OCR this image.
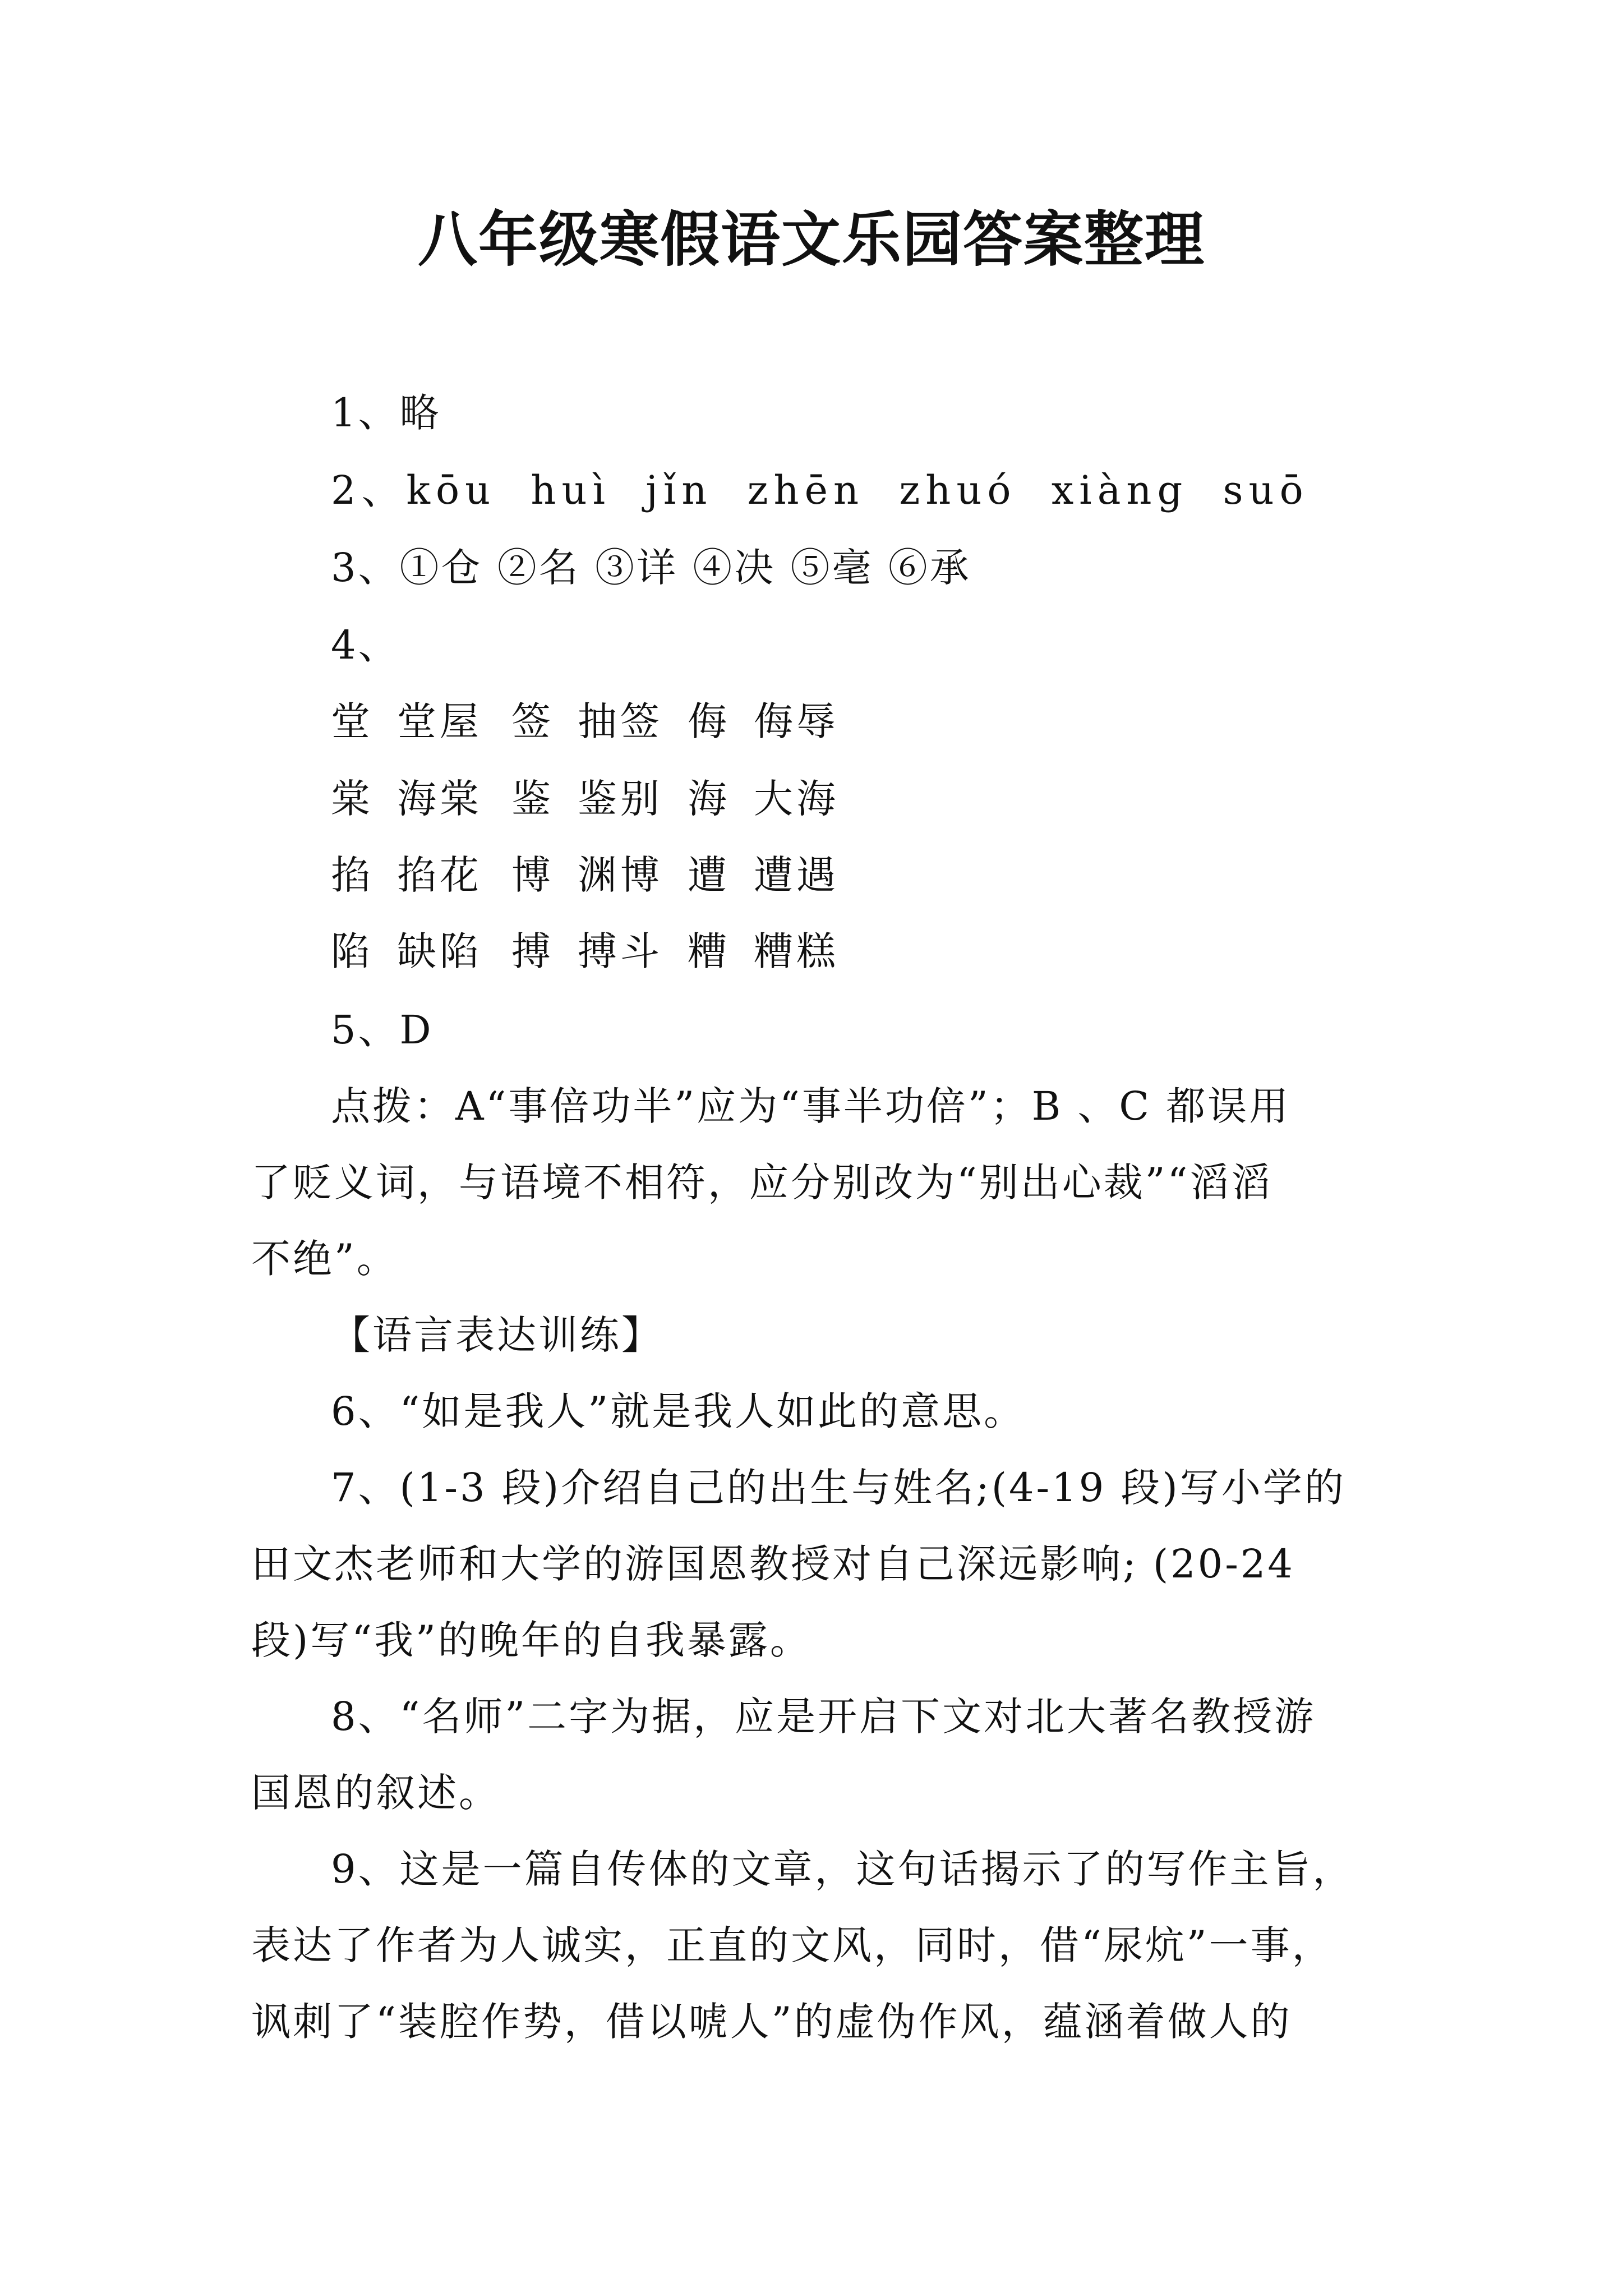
八年级寒假语文乐园答案整理
1、略
2、kōu huì jǐn zhēn zhuó xiàng suō
3、①仓 ②名 ③详 ④决 ⑤毫 ⑥承
4、
堂 堂屋 签 抽签 侮 侮辱
棠 海棠 鉴 鉴别 海 大海
掐 掐花 博 渊博 遭 遭遇
陷 缺陷 搏 搏斗 糟 糟糕
5、D
点拨：A“事倍功半”应为“事半功倍”；B 、C 都误用
了贬义词，与语境不相符，应分别改为“别出心裁”“滔滔
不绝”。
【语言表达训练】
6、“如是我人”就是我人如此的意思。
7、(1-3 段)介绍自己的出生与姓名;(4-19 段)写小学的
田文杰老师和大学的游国恩教授对自己深远影响; (20-24
段)写“我”的晚年的自我暴露。
8、“名师”二字为据，应是开启下文对北大著名教授游
国恩的叙述。
9、这是一篇自传体的文章，这句话揭示了的写作主旨，
表达了作者为人诚实，正直的文风，同时，借“尿炕”一事，
讽刺了“装腔作势，借以唬人”的虚伪作风，蕴涵着做人的
